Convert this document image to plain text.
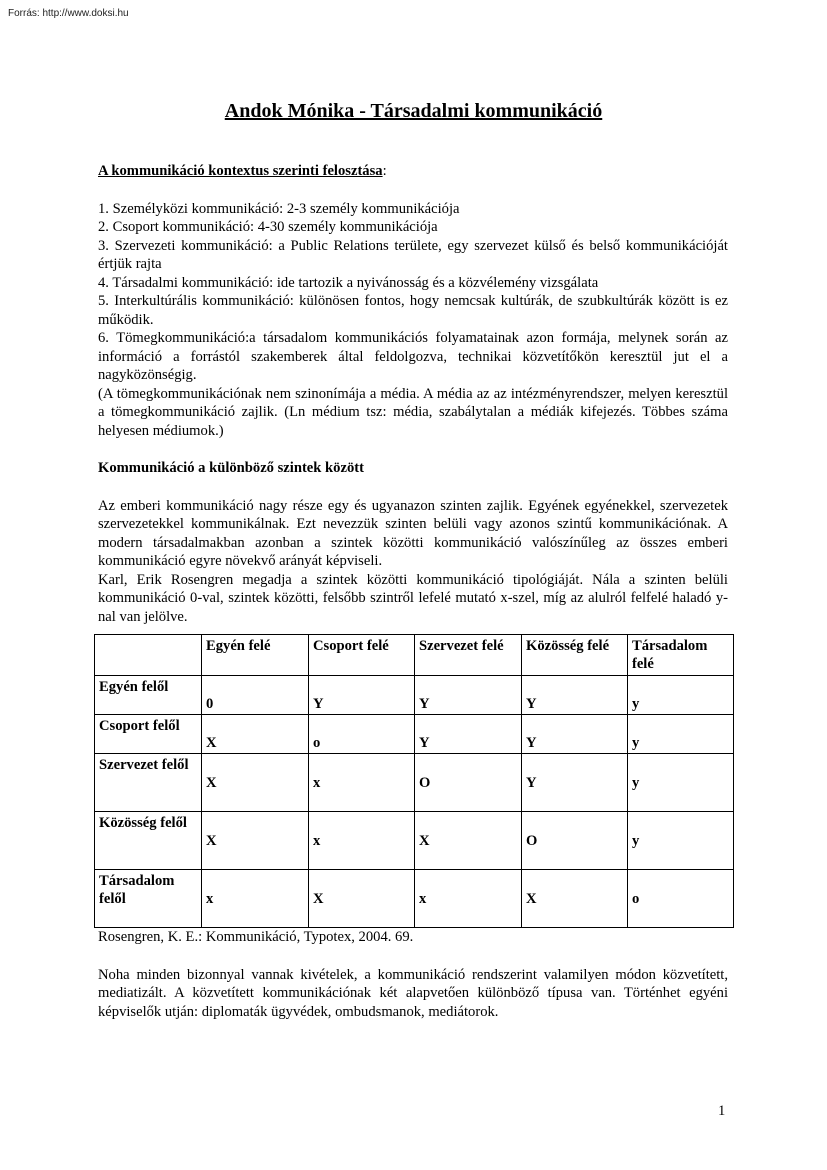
Forrás: http://www.doksi.hu
Andok Mónika - Társadalmi kommunikáció

A kommunikáció kontextus szerinti felosztása:

1. Személyközi kommunikáció: 2-3 személy kommunikációja

2. Csoport kommunikáció: 4-30 személy kommunikációja

3. Szervezeti kommunikáció: a Public Relations területe, egy szervezet külső és belső kommunikációját értjük rajta

4. Társadalmi kommunikáció: ide tartozik a nyivánosság és a közvélemény vizsgálata

5. Interkultúrális kommunikáció: különösen fontos, hogy nemcsak kultúrák, de szubkultúrák között is ez működik.

6. Tömegkommunikáció:a társadalom kommunikációs folyamatainak azon formája, melynek során az információ a forrástól szakemberek által feldolgozva, technikai közvetítőkön keresztül jut el a nagyközönségig.

(A tömegkommunikációnak nem szinonímája a média. A média az az intézményrendszer, melyen keresztül a tömegkommunikáció zajlik. (Ln médium tsz: média, szabálytalan a médiák kifejezés. Többes száma helyesen médiumok.)

Kommunikáció a különböző szintek között

Az emberi kommunikáció nagy része egy és ugyanazon szinten zajlik. Egyének egyénekkel, szervezetek szervezetekkel kommunikálnak. Ezt nevezzük szinten belüli vagy azonos szintű kommunikációnak. A modern társadalmakban azonban a szintek közötti kommunikáció valószínűleg az összes emberi kommunikáció egyre növekvő arányát képviseli.

Karl, Erik Rosengren megadja a szintek közötti kommunikáció tipológiáját. Nála a szinten belüli kommunikáció 0-val, szintek közötti, felsőbb szintről lefelé mutató x-szel, míg az alulról felfelé haladó y-nal van jelölve.

	Egyén felé	Csoport felé	Szervezet felé	Közösség felé	Társadalom felé
Egyén felől	0	Y	Y	Y	y
Csoport felől	X	o	Y	Y	y
Szervezet felől	X	x	O	Y	y
Közösség felől	X	x	X	O	y
Társadalom felől	x	X	x	X	o

Rosengren, K. E.: Kommunikáció, Typotex, 2004. 69.

Noha minden bizonnyal vannak kivételek, a kommunikáció rendszerint valamilyen módon közvetített, mediatizált. A közvetített kommunikációnak két alapvetően különböző típusa van. Történhet egyéni képviselők utján: diplomaták ügyvédek, ombudsmanok, mediátorok.

1
